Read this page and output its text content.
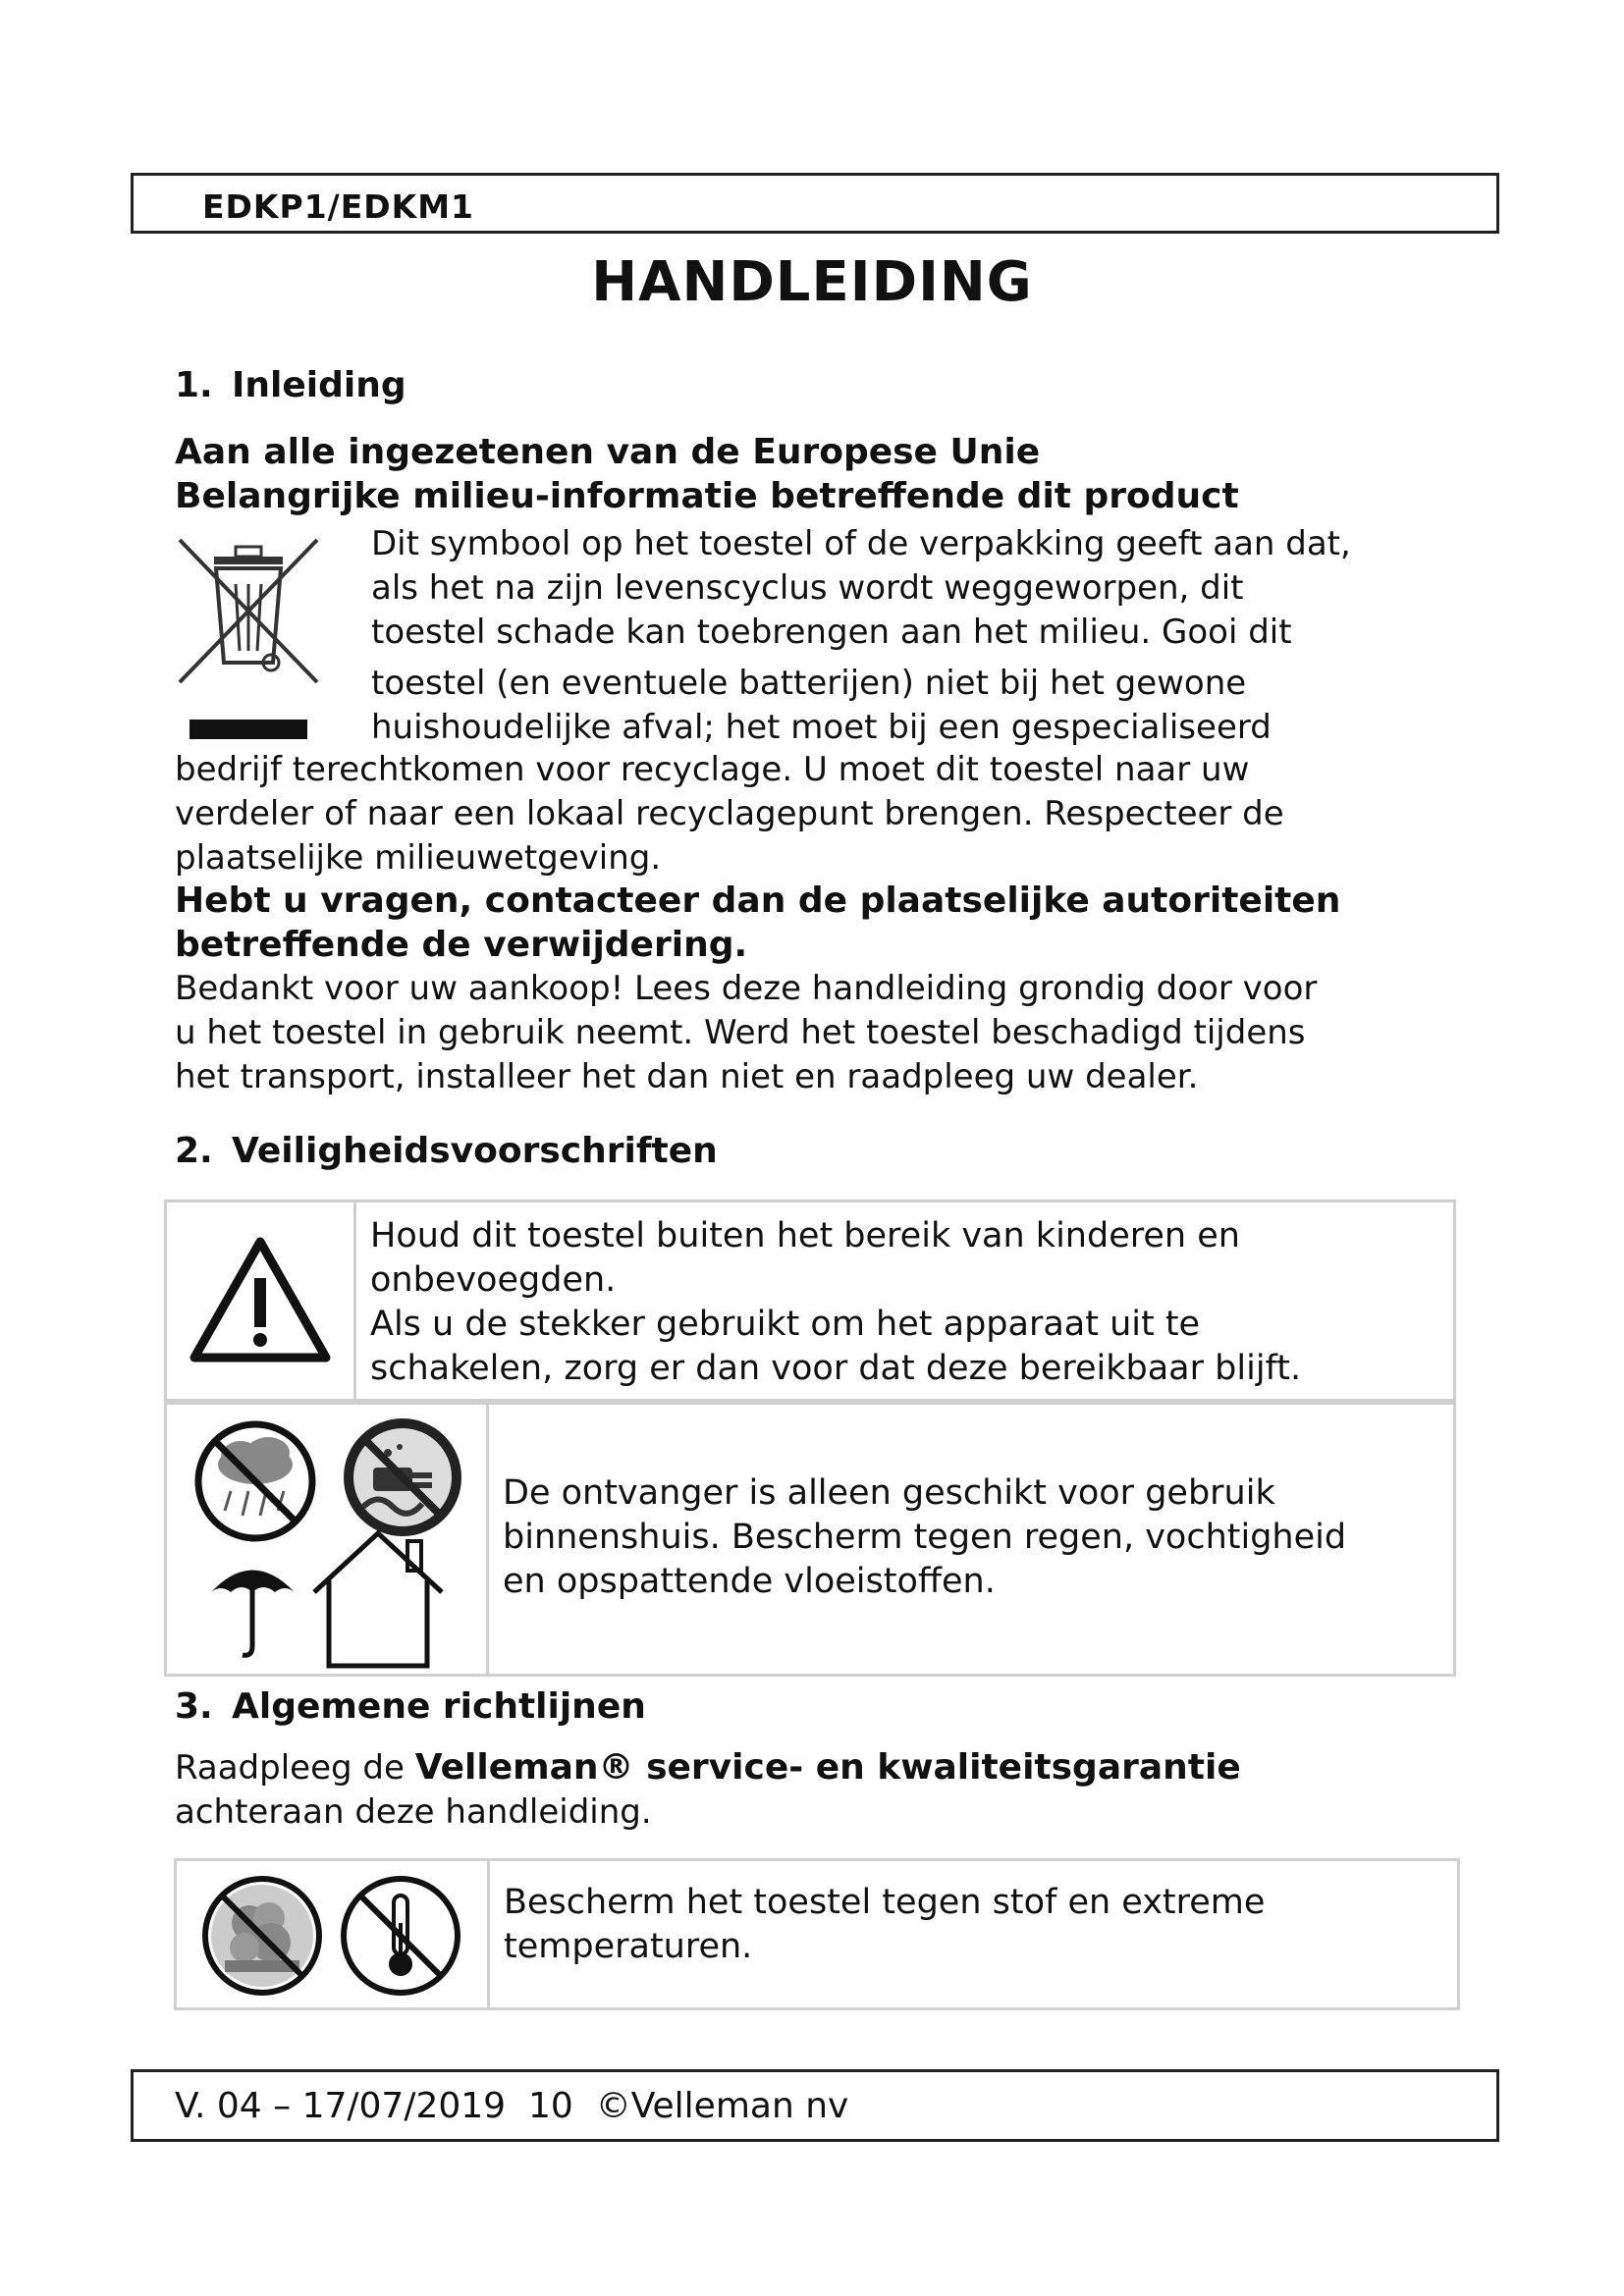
EDKP1/EDKM1
HANDLEIDING
1. Inleiding
Aan alle ingezetenen van de Europese Unie
Belangrijke milieu-informatie betreffende dit product
Dit symbool op het toestel of de verpakking geeft aan dat,
als het na zijn levenscyclus wordt weggeworpen, dit
toestel schade kan toebrengen aan het milieu. Gooi dit
toestel (en eventuele batterijen) niet bij het gewone
huishoudelijke afval; het moet bij een gespecialiseerd
bedrijf terechtkomen voor recyclage. U moet dit toestel naar uw
verdeler of naar een lokaal recyclagepunt brengen. Respecteer de
plaatselijke milieuwetgeving.
Hebt u vragen, contacteer dan de plaatselijke autoriteiten
betreffende de verwijdering.
Bedankt voor uw aankoop! Lees deze handleiding grondig door voor
u het toestel in gebruik neemt. Werd het toestel beschadigd tijdens
het transport, installeer het dan niet en raadpleeg uw dealer.
2. Veiligheidsvoorschriften

Houd dit toestel buiten het bereik van kinderen en
onbevoegden.
Als u de stekker gebruikt om het apparaat uit te
schakelen, zorg er dan voor dat deze bereikbaar blijft.

De ontvanger is alleen geschikt voor gebruik
binnenshuis. Bescherm tegen regen, vochtigheid
en opspattende vloeistoffen.
3. Algemene richtlijnen
Raadpleeg de Velleman® service- en kwaliteitsgarantie
achteraan deze handleiding.

Bescherm het toestel tegen stof en extreme
temperaturen.
V. 04 – 17/07/2019 10 ©Velleman nv
